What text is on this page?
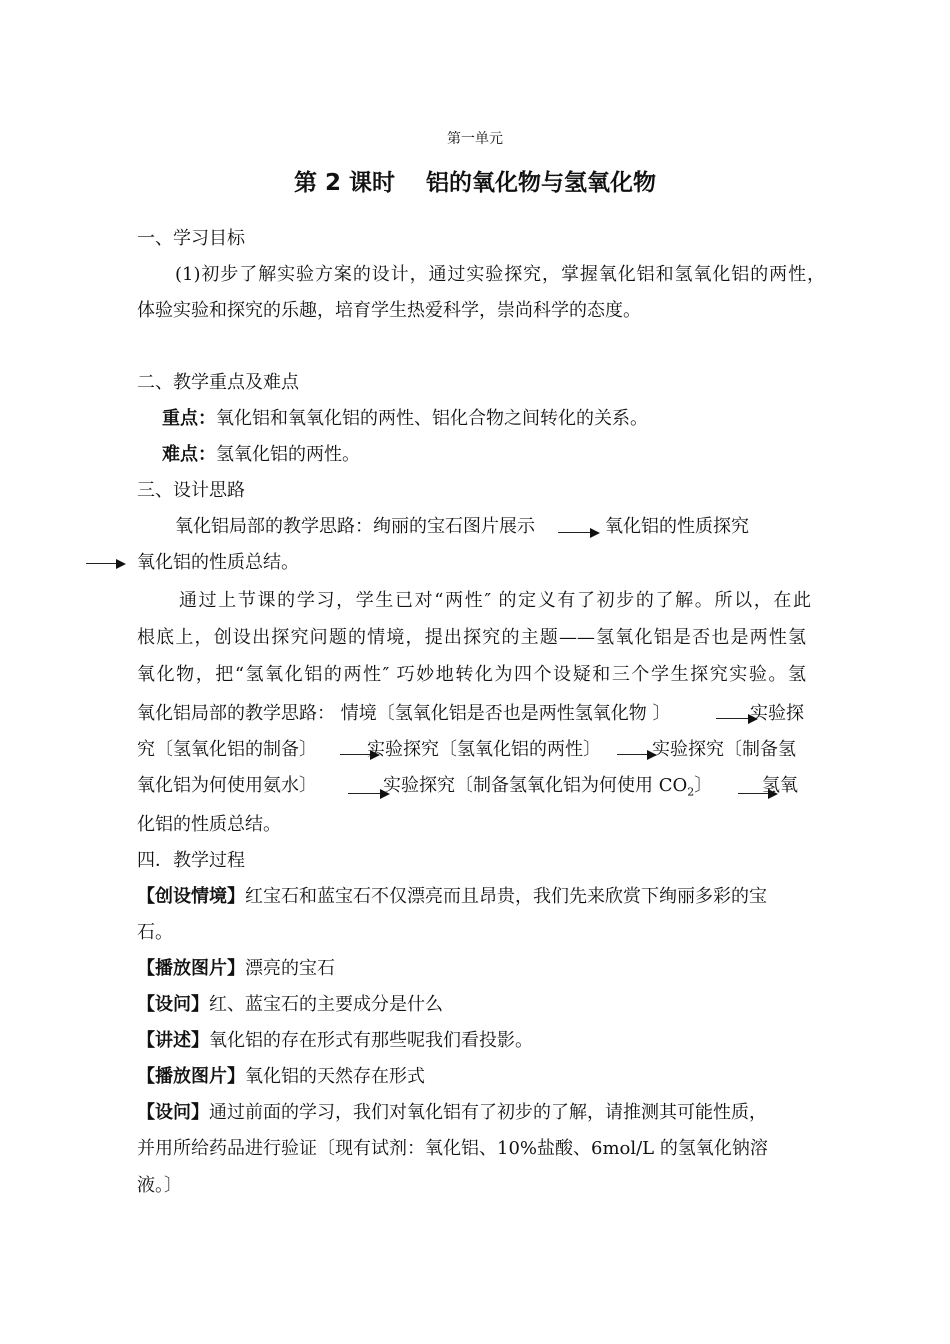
第一单元
第 2 课时　 铝的氧化物与氢氧化物
一、学习目标
(1)初步了解实验方案的设计，通过实验探究，掌握氧化铝和氢氧化铝的两性，
体验实验和探究的乐趣，培育学生热爱科学，崇尚科学的态度。
二、教学重点及难点
重点：氧化铝和氧氧化铝的两性、铝化合物之间转化的关系。
难点：氢氧化铝的两性。
三、设计思路
氧化铝局部的教学思路：绚丽的宝石图片展示	氧化铝的性质探究
氧化铝的性质总结。
通过上节课的学习，学生已对“两性″ 的定义有了初步的了解。所以，在此
根底上，创设出探究问题的情境，提出探究的主题——氢氧化铝是否也是两性氢
氧化物，把“氢氧化铝的两性″ 巧妙地转化为四个设疑和三个学生探究实验。氢
氧化铝局部的教学思路： 情境〔氢氧化铝是否也是两性氢氧化物 〕	实验探
究〔氢氧化铝的制备〕	实验探究〔氢氧化铝的两性〕	实验探究〔制备氢
氧化铝为何使用氨水〕	实验探究〔制备氢氧化铝为何使用 $CO_2$〕	氢氧
化铝的性质总结。
四．教学过程
【创设情境】红宝石和蓝宝石不仅漂亮而且昂贵，我们先来欣赏下绚丽多彩的宝
石。
【播放图片】漂亮的宝石
【设问】红、蓝宝石的主要成分是什么
【讲述】氧化铝的存在形式有那些呢我们看投影。
【播放图片】氧化铝的天然存在形式
【设问】通过前面的学习，我们对氧化铝有了初步的了解，请推测其可能性质，
并用所给药品进行验证〔现有试剂：氧化铝、10%盐酸、6mol/L 的氢氧化钠溶
液。〕
